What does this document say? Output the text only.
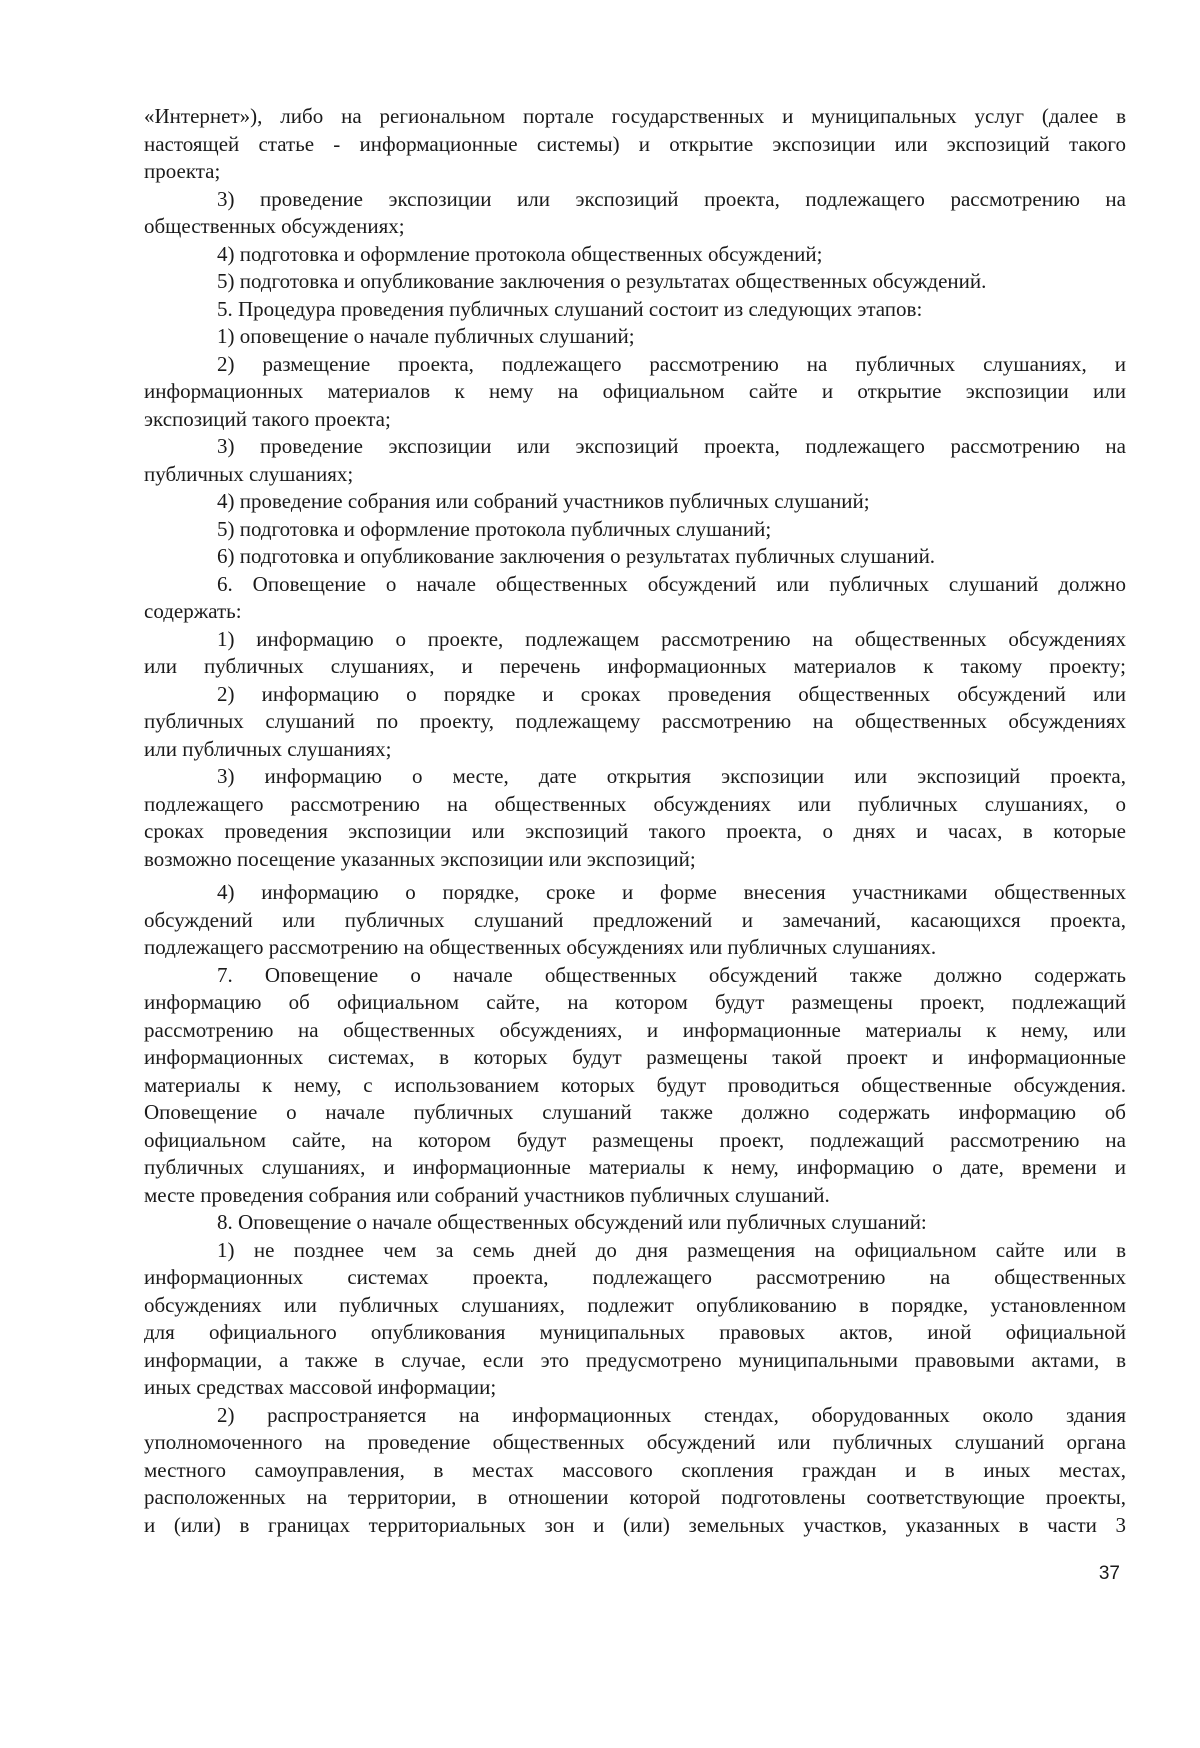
«Интернет»), либо на региональном портале государственных и муниципальных услуг (далее в
настоящей статье - информационные системы) и открытие экспозиции или экспозиций такого
проекта;
3) проведение экспозиции или экспозиций проекта, подлежащего рассмотрению на
общественных обсуждениях;
4) подготовка и оформление протокола общественных обсуждений;
5) подготовка и опубликование заключения о результатах общественных обсуждений.
5. Процедура проведения публичных слушаний состоит из следующих этапов:
1) оповещение о начале публичных слушаний;
2) размещение проекта, подлежащего рассмотрению на публичных слушаниях, и
информационных материалов к нему на официальном сайте и открытие экспозиции или
экспозиций такого проекта;
3) проведение экспозиции или экспозиций проекта, подлежащего рассмотрению на
публичных слушаниях;
4) проведение собрания или собраний участников публичных слушаний;
5) подготовка и оформление протокола публичных слушаний;
6) подготовка и опубликование заключения о результатах публичных слушаний.
6. Оповещение о начале общественных обсуждений или публичных слушаний должно
содержать:
1) информацию о проекте, подлежащем рассмотрению на общественных обсуждениях
или публичных слушаниях, и перечень информационных материалов к такому проекту;
2) информацию о порядке и сроках проведения общественных обсуждений или
публичных слушаний по проекту, подлежащему рассмотрению на общественных обсуждениях
или публичных слушаниях;
3) информацию о месте, дате открытия экспозиции или экспозиций проекта,
подлежащего рассмотрению на общественных обсуждениях или публичных слушаниях, о
сроках проведения экспозиции или экспозиций такого проекта, о днях и часах, в которые
возможно посещение указанных экспозиции или экспозиций;
4) информацию о порядке, сроке и форме внесения участниками общественных
обсуждений или публичных слушаний предложений и замечаний, касающихся проекта,
подлежащего рассмотрению на общественных обсуждениях или публичных слушаниях.
7. Оповещение о начале общественных обсуждений также должно содержать
информацию об официальном сайте, на котором будут размещены проект, подлежащий
рассмотрению на общественных обсуждениях, и информационные материалы к нему, или
информационных системах, в которых будут размещены такой проект и информационные
материалы к нему, с использованием которых будут проводиться общественные обсуждения.
Оповещение о начале публичных слушаний также должно содержать информацию об
официальном сайте, на котором будут размещены проект, подлежащий рассмотрению на
публичных слушаниях, и информационные материалы к нему, информацию о дате, времени и
месте проведения собрания или собраний участников публичных слушаний.
8. Оповещение о начале общественных обсуждений или публичных слушаний:
1) не позднее чем за семь дней до дня размещения на официальном сайте или в
информационных системах проекта, подлежащего рассмотрению на общественных
обсуждениях или публичных слушаниях, подлежит опубликованию в порядке, установленном
для официального опубликования муниципальных правовых актов, иной официальной
информации, а также в случае, если это предусмотрено муниципальными правовыми актами, в
иных средствах массовой информации;
2) распространяется на информационных стендах, оборудованных около здания
уполномоченного на проведение общественных обсуждений или публичных слушаний органа
местного самоуправления, в местах массового скопления граждан и в иных местах,
расположенных на территории, в отношении которой подготовлены соответствующие проекты,
и (или) в границах территориальных зон и (или) земельных участков, указанных в части 3
37
